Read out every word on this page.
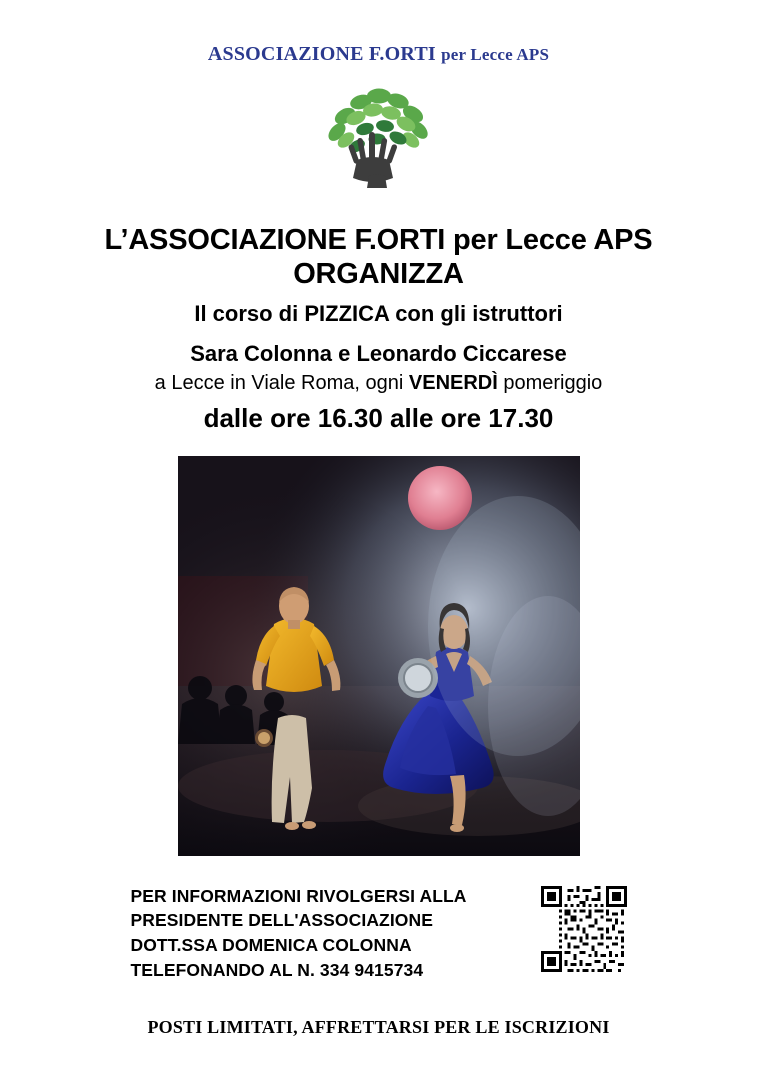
ASSOCIAZIONE F.ORTI per Lecce APS
L’ASSOCIAZIONE F.ORTI per Lecce APS
ORGANIZZA
Il corso di PIZZICA con gli istruttori
Sara Colonna e Leonardo Ciccarese
a Lecce in Viale Roma, ogni VENERDÌ pomeriggio
dalle ore 16.30 alle ore 17.30
PER INFORMAZIONI RIVOLGERSI ALLA
PRESIDENTE DELL'ASSOCIAZIONE
DOTT.SSA DOMENICA COLONNA
TELEFONANDO AL N. 334 9415734
POSTI LIMITATI, AFFRETTARSI PER LE ISCRIZIONI
